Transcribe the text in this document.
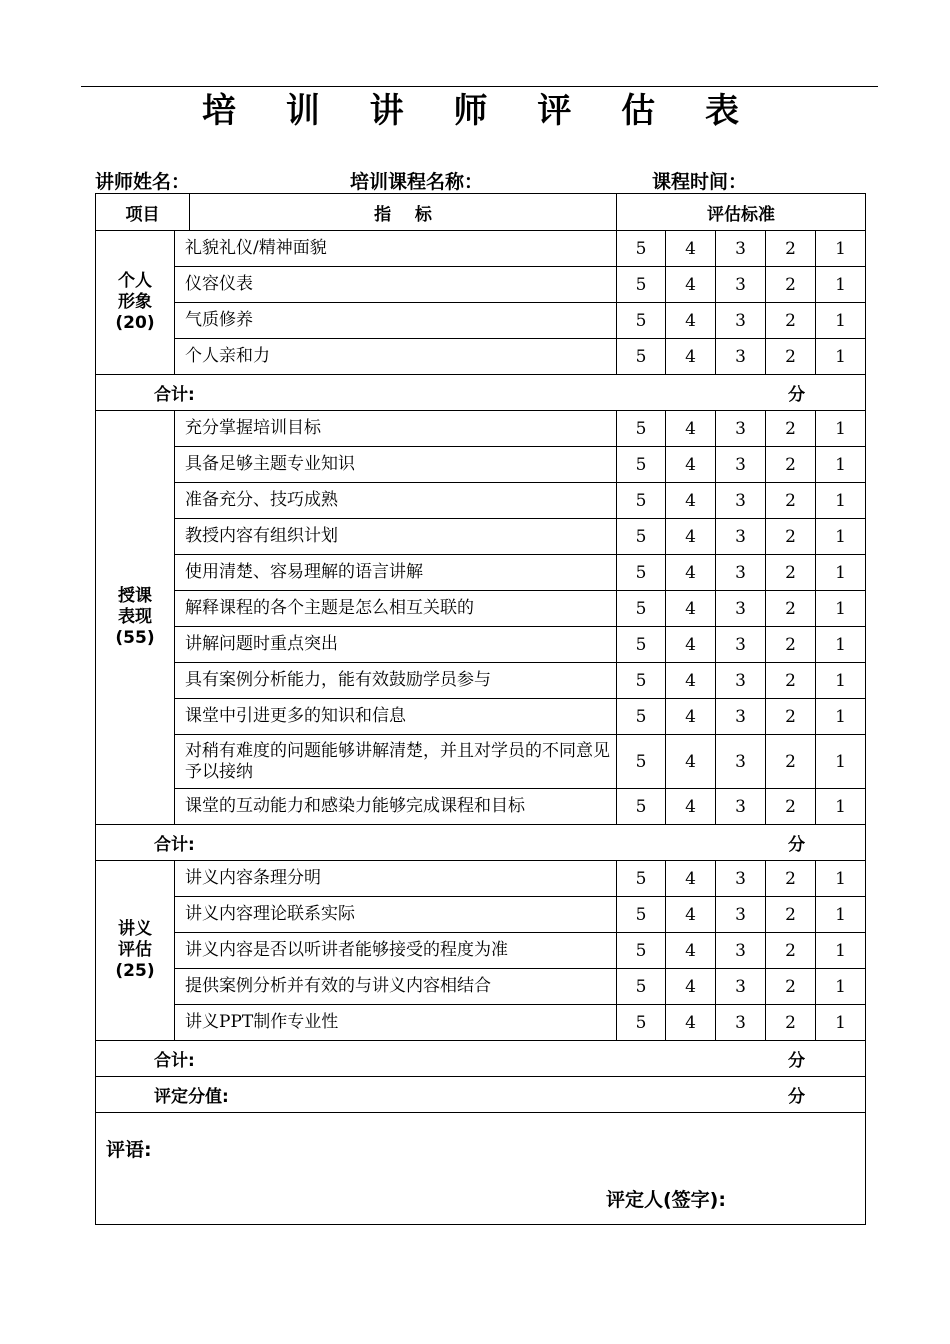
培 训 讲 师 评 估 表
讲师姓名：	培训课程名称：	课程时间：
项目		指    标	评估标准				

个人
形象
(20)	礼貌礼仪/精神面貌		5	4	3	2	1
	仪容仪表		5	4	3	2	1
	气质修养		5	4	3	2	1
	个人亲和力		5	4	3	2	1
合计:			分				

授课
表现
(55)	充分掌握培训目标		5	4	3	2	1
	具备足够主题专业知识		5	4	3	2	1
	准备充分、技巧成熟		5	4	3	2	1
	教授内容有组织计划		5	4	3	2	1
	使用清楚、容易理解的语言讲解		5	4	3	2	1
	解释课程的各个主题是怎么相互关联的		5	4	3	2	1
	讲解问题时重点突出		5	4	3	2	1
	具有案例分析能力，能有效鼓励学员参与		5	4	3	2	1
	课堂中引进更多的知识和信息		5	4	3	2	1
	对稍有难度的问题能够讲解清楚，并且对学员的不同意见予以接纳		5	4	3	2	1
	课堂的互动能力和感染力能够完成课程和目标		5	4	3	2	1
合计:			分				

讲义
评估
(25)	讲义内容条理分明		5	4	3	2	1
	讲义内容理论联系实际		5	4	3	2	1
	讲义内容是否以听讲者能够接受的程度为准		5	4	3	2	1
	提供案例分析并有效的与讲义内容相结合		5	4	3	2	1
	讲义PPT制作专业性		5	4	3	2	1
合计:			分				
评定分值:			分				

评语:
评定人(签字):							
